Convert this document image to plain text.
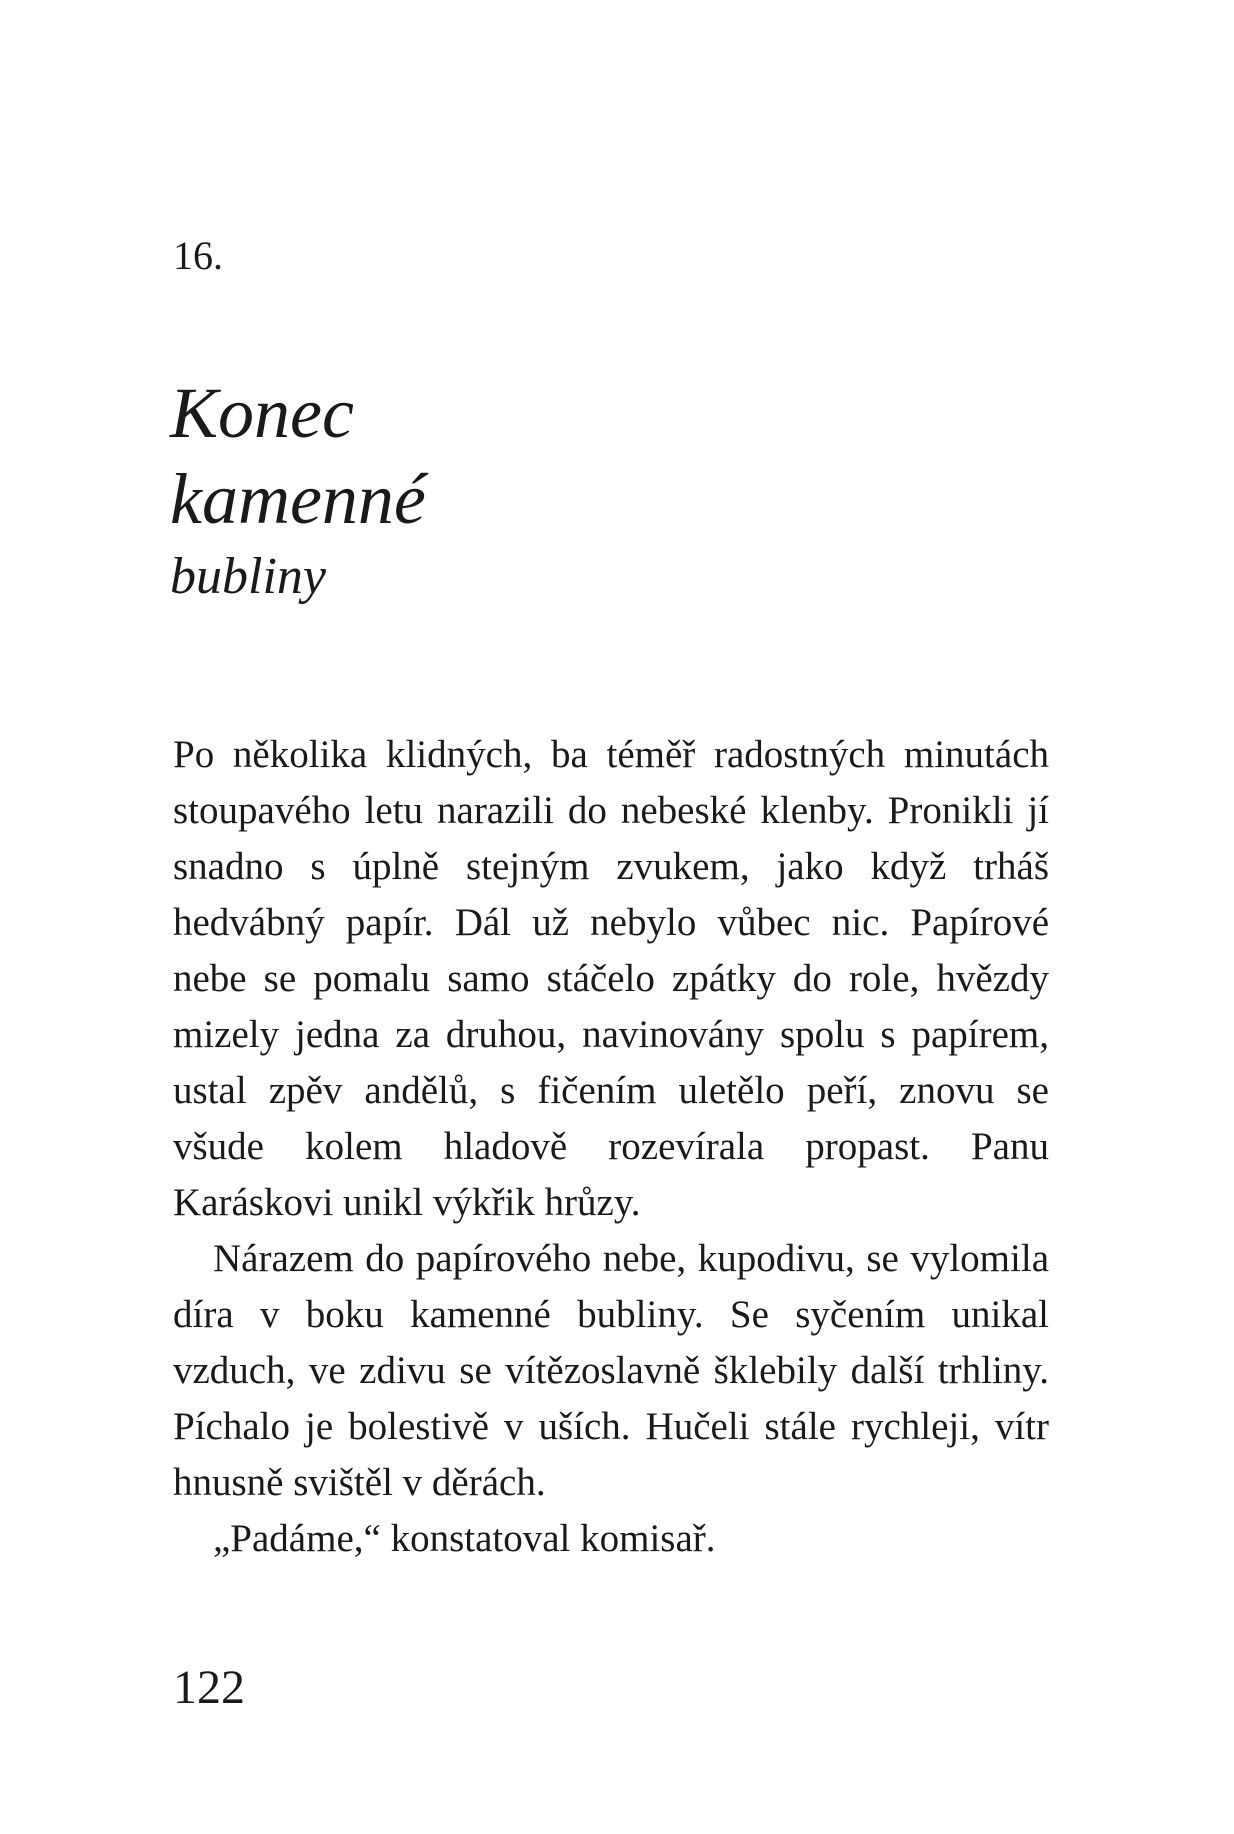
16.
Konec
kamenné
bubliny

Po několika klidných, ba téměř radostných minutách stoupavého letu narazili do nebeské klenby. Pronikli jí snadno s úplně stejným zvukem, jako když trháš hedvábný papír. Dál už nebylo vůbec nic. Papírové nebe se pomalu samo stáčelo zpátky do role, hvězdy mizely jedna za druhou, navinovány spolu s papírem, ustal zpěv andělů, s fičením uletělo peří, znovu se všude kolem hladově rozevírala propast. Panu Karáskovi unikl výkřik hrůzy.

Nárazem do papírového nebe, kupodivu, se vylomila díra v boku kamenné bubliny. Se syčením unikal vzduch, ve zdivu se vítězoslavně šklebily další trhliny. Píchalo je bolestivě v uších. Hučeli stále rychleji, vítr hnusně svištěl v děrách.

„Padáme,“ konstatoval komisař.

122
